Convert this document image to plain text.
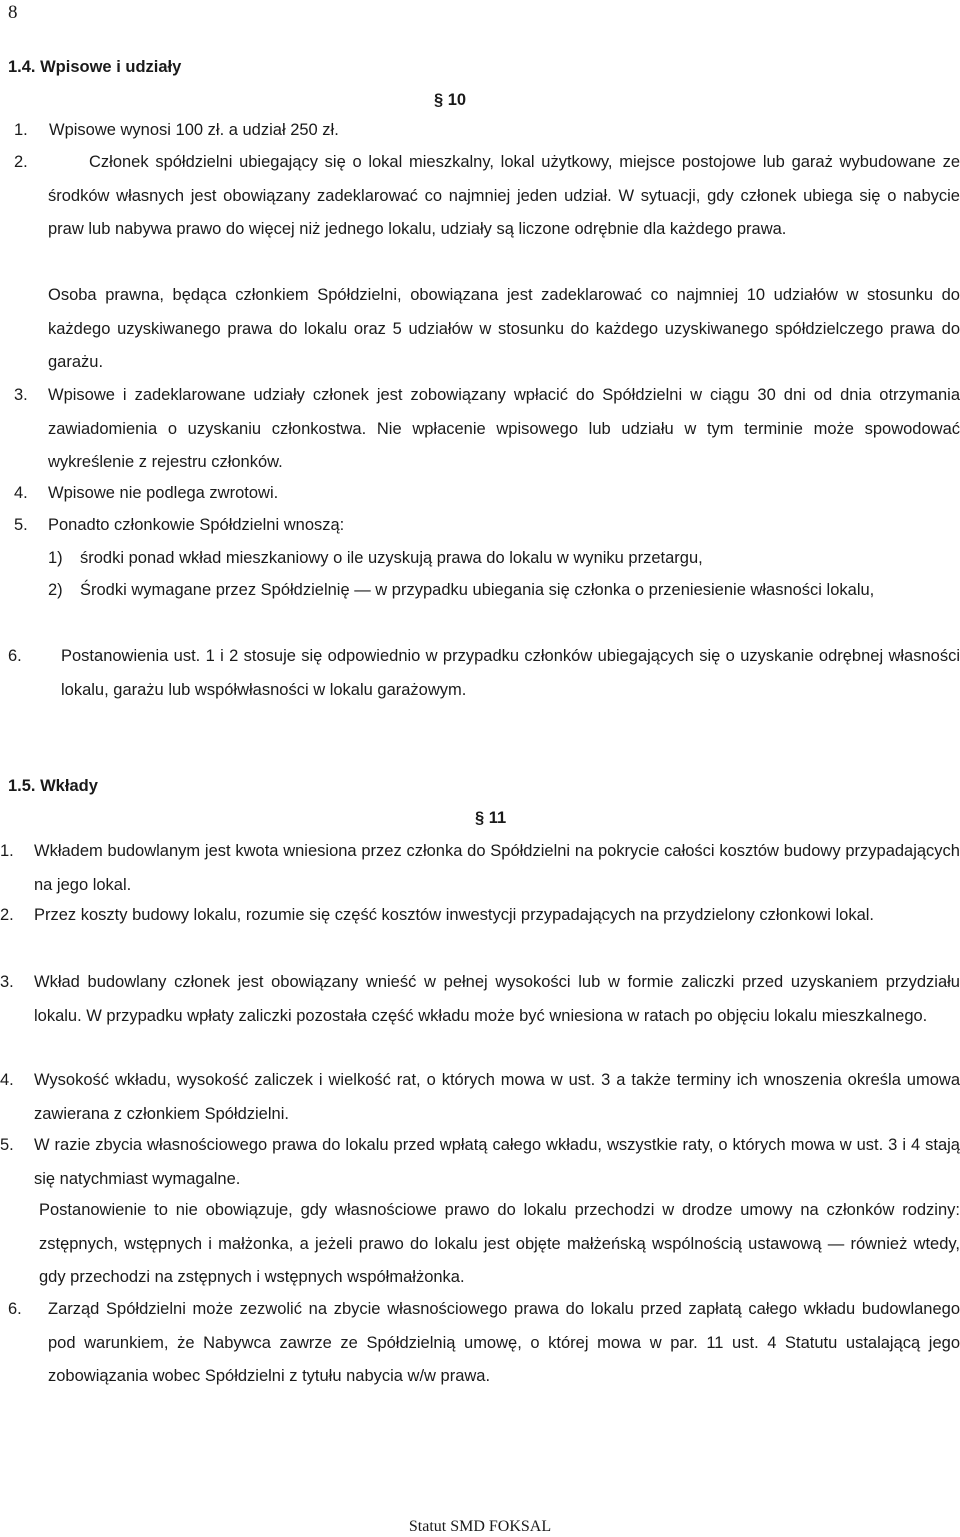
8
1.4. Wpisowe i udziały
§ 10
1. Wpisowe wynosi 100 zł. a udział 250 zł.
2.	Członek spółdzielni ubiegający się o lokal mieszkalny, lokal użytkowy, miejsce postojowe lub garaż wybudowane ze środków własnych jest obowiązany zadeklarować co najmniej jeden udział. W sytuacji, gdy członek ubiega się o nabycie praw lub nabywa prawo do więcej niż jednego lokalu, udziały są liczone odrębnie dla każdego prawa.
Osoba prawna, będąca członkiem Spółdzielni, obowiązana jest zadeklarować co najmniej 10 udziałów w stosunku do każdego uzyskiwanego prawa do lokalu oraz 5 udziałów w stosunku do każdego uzyskiwanego spółdzielczego prawa do garażu.
3. Wpisowe i zadeklarowane udziały członek jest zobowiązany wpłacić do Spółdzielni w ciągu 30 dni od dnia otrzymania zawiadomienia o uzyskaniu członkostwa. Nie wpłacenie wpisowego lub udziału w tym terminie może spowodować wykreślenie z rejestru członków.
4. Wpisowe nie podlega zwrotowi.
5. Ponadto członkowie Spółdzielni wnoszą:
1) środki ponad wkład mieszkaniowy o ile uzyskują prawa do lokalu w wyniku przetargu,
2) Środki wymagane przez Spółdzielnię — w przypadku ubiegania się członka o przeniesienie własności lokalu,
6. Postanowienia ust. 1 i 2 stosuje się odpowiednio w przypadku członków ubiegających się o uzyskanie odrębnej własności lokalu, garażu lub współwłasności w lokalu garażowym.
1.5. Wkłady
§ 11
1. Wkładem budowlanym jest kwota wniesiona przez członka do Spółdzielni na pokrycie całości kosztów budowy przypadających na jego lokal.
2. Przez koszty budowy lokalu, rozumie się część kosztów inwestycji przypadających na przydzielony członkowi lokal.
3. Wkład budowlany członek jest obowiązany wnieść w pełnej wysokości lub w formie zaliczki przed uzyskaniem przydziału lokalu. W przypadku wpłaty zaliczki pozostała część wkładu może być wniesiona w ratach po objęciu lokalu mieszkalnego.
4. Wysokość wkładu, wysokość zaliczek i wielkość rat, o których mowa w ust. 3 a także terminy ich wnoszenia określa umowa zawierana z członkiem Spółdzielni.
5. W razie zbycia własnościowego prawa do lokalu przed wpłatą całego wkładu, wszystkie raty, o których mowa w ust. 3 i 4 stają się natychmiast wymagalne.
Postanowienie to nie obowiązuje, gdy własnościowe prawo do lokalu przechodzi w drodze umowy na członków rodziny: zstępnych, wstępnych i małżonka, a jeżeli prawo do lokalu jest objęte małżeńską wspólnością ustawową — również wtedy, gdy przechodzi na zstępnych i wstępnych współmałżonka.
6. Zarząd Spółdzielni może zezwolić na zbycie własnościowego prawa do lokalu przed zapłatą całego wkładu budowlanego pod warunkiem, że Nabywca zawrze ze Spółdzielnią umowę, o której mowa w par. 11 ust. 4 Statutu ustalającą jego zobowiązania wobec Spółdzielni z tytułu nabycia w/w prawa.
Statut SMD FOKSAL
